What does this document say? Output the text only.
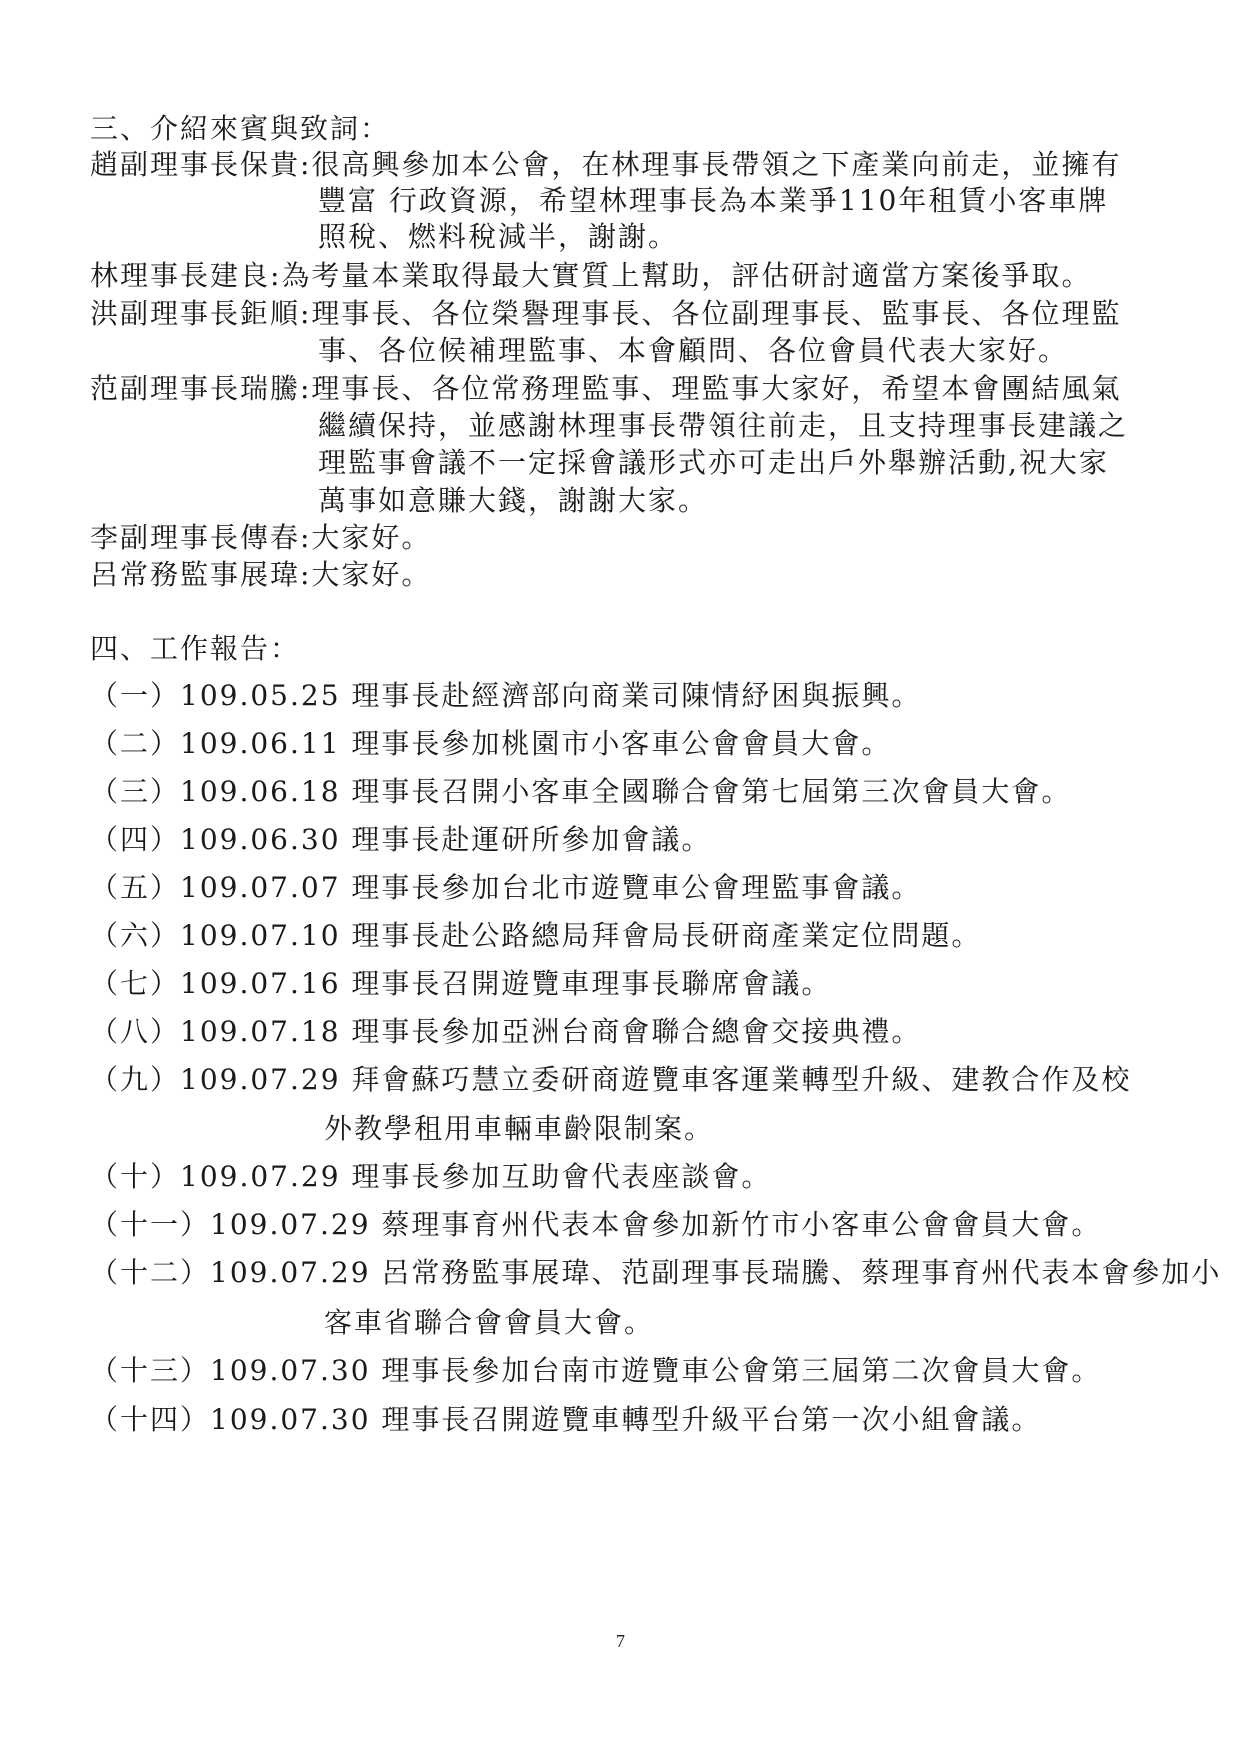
三、介紹來賓與致詞：
趙副理事長保貴:很高興參加本公會，在林理事長帶領之下產業向前走，並擁有
豐富 行政資源，希望林理事長為本業爭110年租賃小客車牌
照稅、燃料稅減半，謝謝。
林理事長建良:為考量本業取得最大實質上幫助，評估研討適當方案後爭取。
洪副理事長鉅順:理事長、各位榮譽理事長、各位副理事長、監事長、各位理監
事、各位候補理監事、本會顧問、各位會員代表大家好。
范副理事長瑞騰:理事長、各位常務理監事、理監事大家好，希望本會團結風氣
繼續保持，並感謝林理事長帶領往前走，且支持理事長建議之
理監事會議不一定採會議形式亦可走出戶外舉辦活動,祝大家
萬事如意賺大錢，謝謝大家。
李副理事長傳春:大家好。
呂常務監事展瑋:大家好。
四、工作報告：
（一）109.05.25 理事長赴經濟部向商業司陳情紓困與振興。
（二）109.06.11 理事長參加桃園市小客車公會會員大會。
（三）109.06.18 理事長召開小客車全國聯合會第七屆第三次會員大會。
（四）109.06.30 理事長赴運研所參加會議。
（五）109.07.07 理事長參加台北市遊覽車公會理監事會議。
（六）109.07.10 理事長赴公路總局拜會局長研商產業定位問題。
（七）109.07.16 理事長召開遊覽車理事長聯席會議。
（八）109.07.18 理事長參加亞洲台商會聯合總會交接典禮。
（九）109.07.29 拜會蘇巧慧立委研商遊覽車客運業轉型升級、建教合作及校
外教學租用車輛車齡限制案。
（十）109.07.29 理事長參加互助會代表座談會。
（十一）109.07.29 蔡理事育州代表本會參加新竹市小客車公會會員大會。
（十二）109.07.29 呂常務監事展瑋、范副理事長瑞騰、蔡理事育州代表本會參加小
客車省聯合會會員大會。
（十三）109.07.30 理事長參加台南市遊覽車公會第三屆第二次會員大會。
（十四）109.07.30 理事長召開遊覽車轉型升級平台第一次小組會議。
7
